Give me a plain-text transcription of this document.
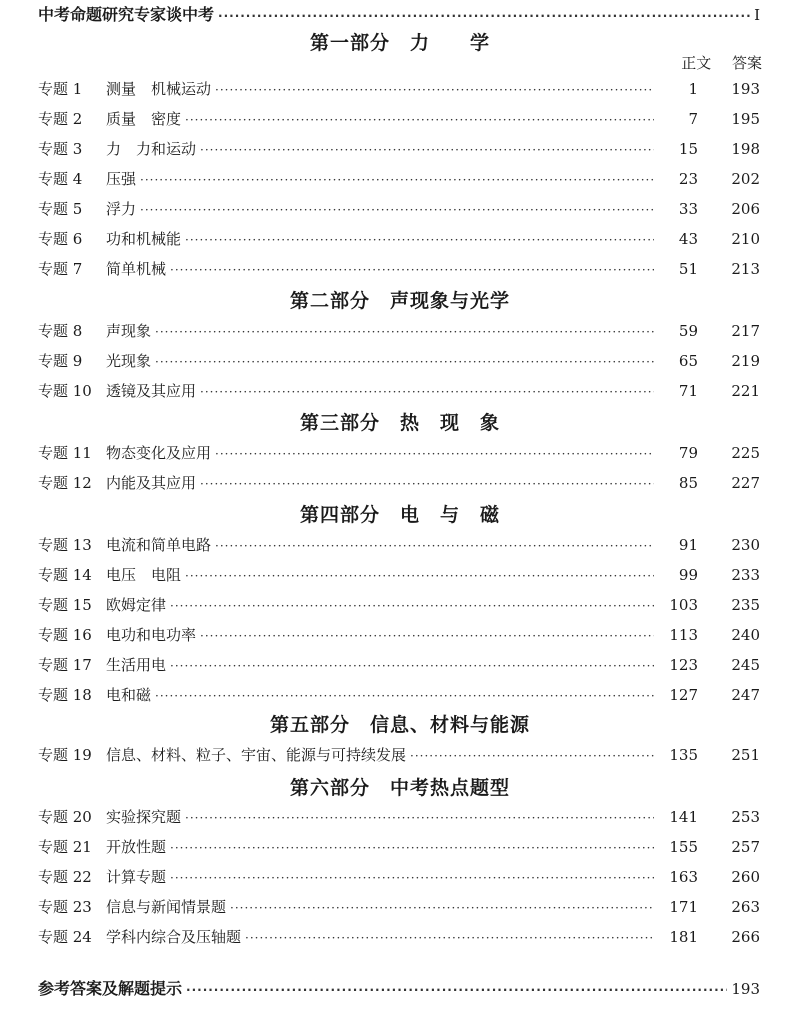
中考命题研究专家谈中考 ·····	I
正文 答案
第一部分　力　　学
专题 1	测量　机械运动 ·····	1	193
专题 2	质量　密度 ·····	7	195
专题 3	力　力和运动 ·····	15	198
专题 4	压强 ·····	23	202
专题 5	浮力 ·····	33	206
专题 6	功和机械能 ·····	43	210
专题 7	简单机械 ·····	51	213
第二部分　声现象与光学
专题 8	声现象 ·····	59	217
专题 9	光现象 ·····	65	219
专题 10 透镜及其应用 ·····	71	221
第三部分　热　现　象
专题 11 物态变化及应用 ·····	79	225
专题 12 内能及其应用 ·····	85	227
第四部分　电　与　磁
专题 13 电流和简单电路 ·····	91	230
专题 14 电压　电阻 ·····	99	233
专题 15 欧姆定律 ·····	103	235
专题 16 电功和电功率 ·····	113	240
专题 17 生活用电 ·····	123	245
专题 18 电和磁 ·····	127	247
第五部分　信息、材料与能源
专题 19 信息、材料、粒子、宇宙、能源与可持续发展 ·····	135	251
第六部分　中考热点题型
专题 20 实验探究题 ·····	141	253
专题 21 开放性题 ·····	155	257
专题 22 计算专题 ·····	163	260
专题 23 信息与新闻情景题 ·····	171	263
专题 24 学科内综合及压轴题 ·····	181	266
参考答案及解题提示 ·····	193
